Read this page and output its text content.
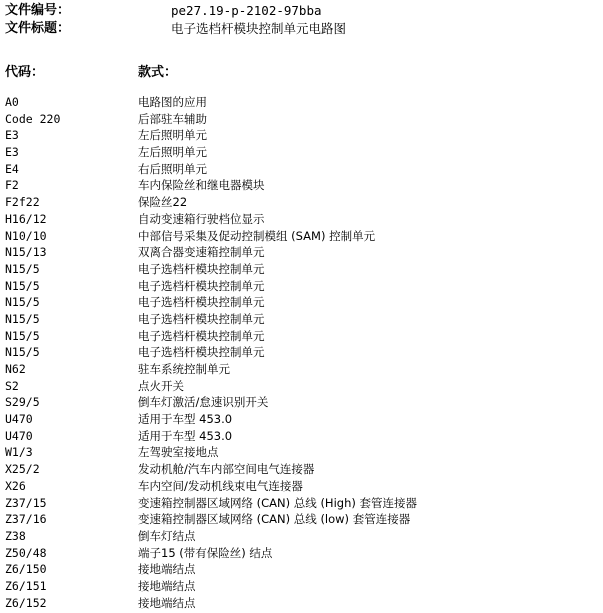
文件编号：	pe27.19-p-2102-97bba
文件标题：	电子选档杆模块控制单元电路图
代码：	款式：
A0	电路图的应用
Code 220	后部驻车辅助
E3	左后照明单元
E3	左后照明单元
E4	右后照明单元
F2	车内保险丝和继电器模块
F2f22	保险丝22
H16/12	自动变速箱行驶档位显示
N10/10	中部信号采集及促动控制模组 (SAM) 控制单元
N15/13	双离合器变速箱控制单元
N15/5	电子选档杆模块控制单元
N15/5	电子选档杆模块控制单元
N15/5	电子选档杆模块控制单元
N15/5	电子选档杆模块控制单元
N15/5	电子选档杆模块控制单元
N15/5	电子选档杆模块控制单元
N62	驻车系统控制单元
S2	点火开关
S29/5	倒车灯激活/怠速识别开关
U470	适用于车型 453.0
U470	适用于车型 453.0
W1/3	左驾驶室接地点
X25/2	发动机舱/汽车内部空间电气连接器
X26	车内空间/发动机线束电气连接器
Z37/15	变速箱控制器区域网络 (CAN) 总线 (High) 套管连接器
Z37/16	变速箱控制器区域网络 (CAN) 总线 (low) 套管连接器
Z38	倒车灯结点
Z50/48	端子15 (带有保险丝) 结点
Z6/150	接地端结点
Z6/151	接地端结点
Z6/152	接地端结点
